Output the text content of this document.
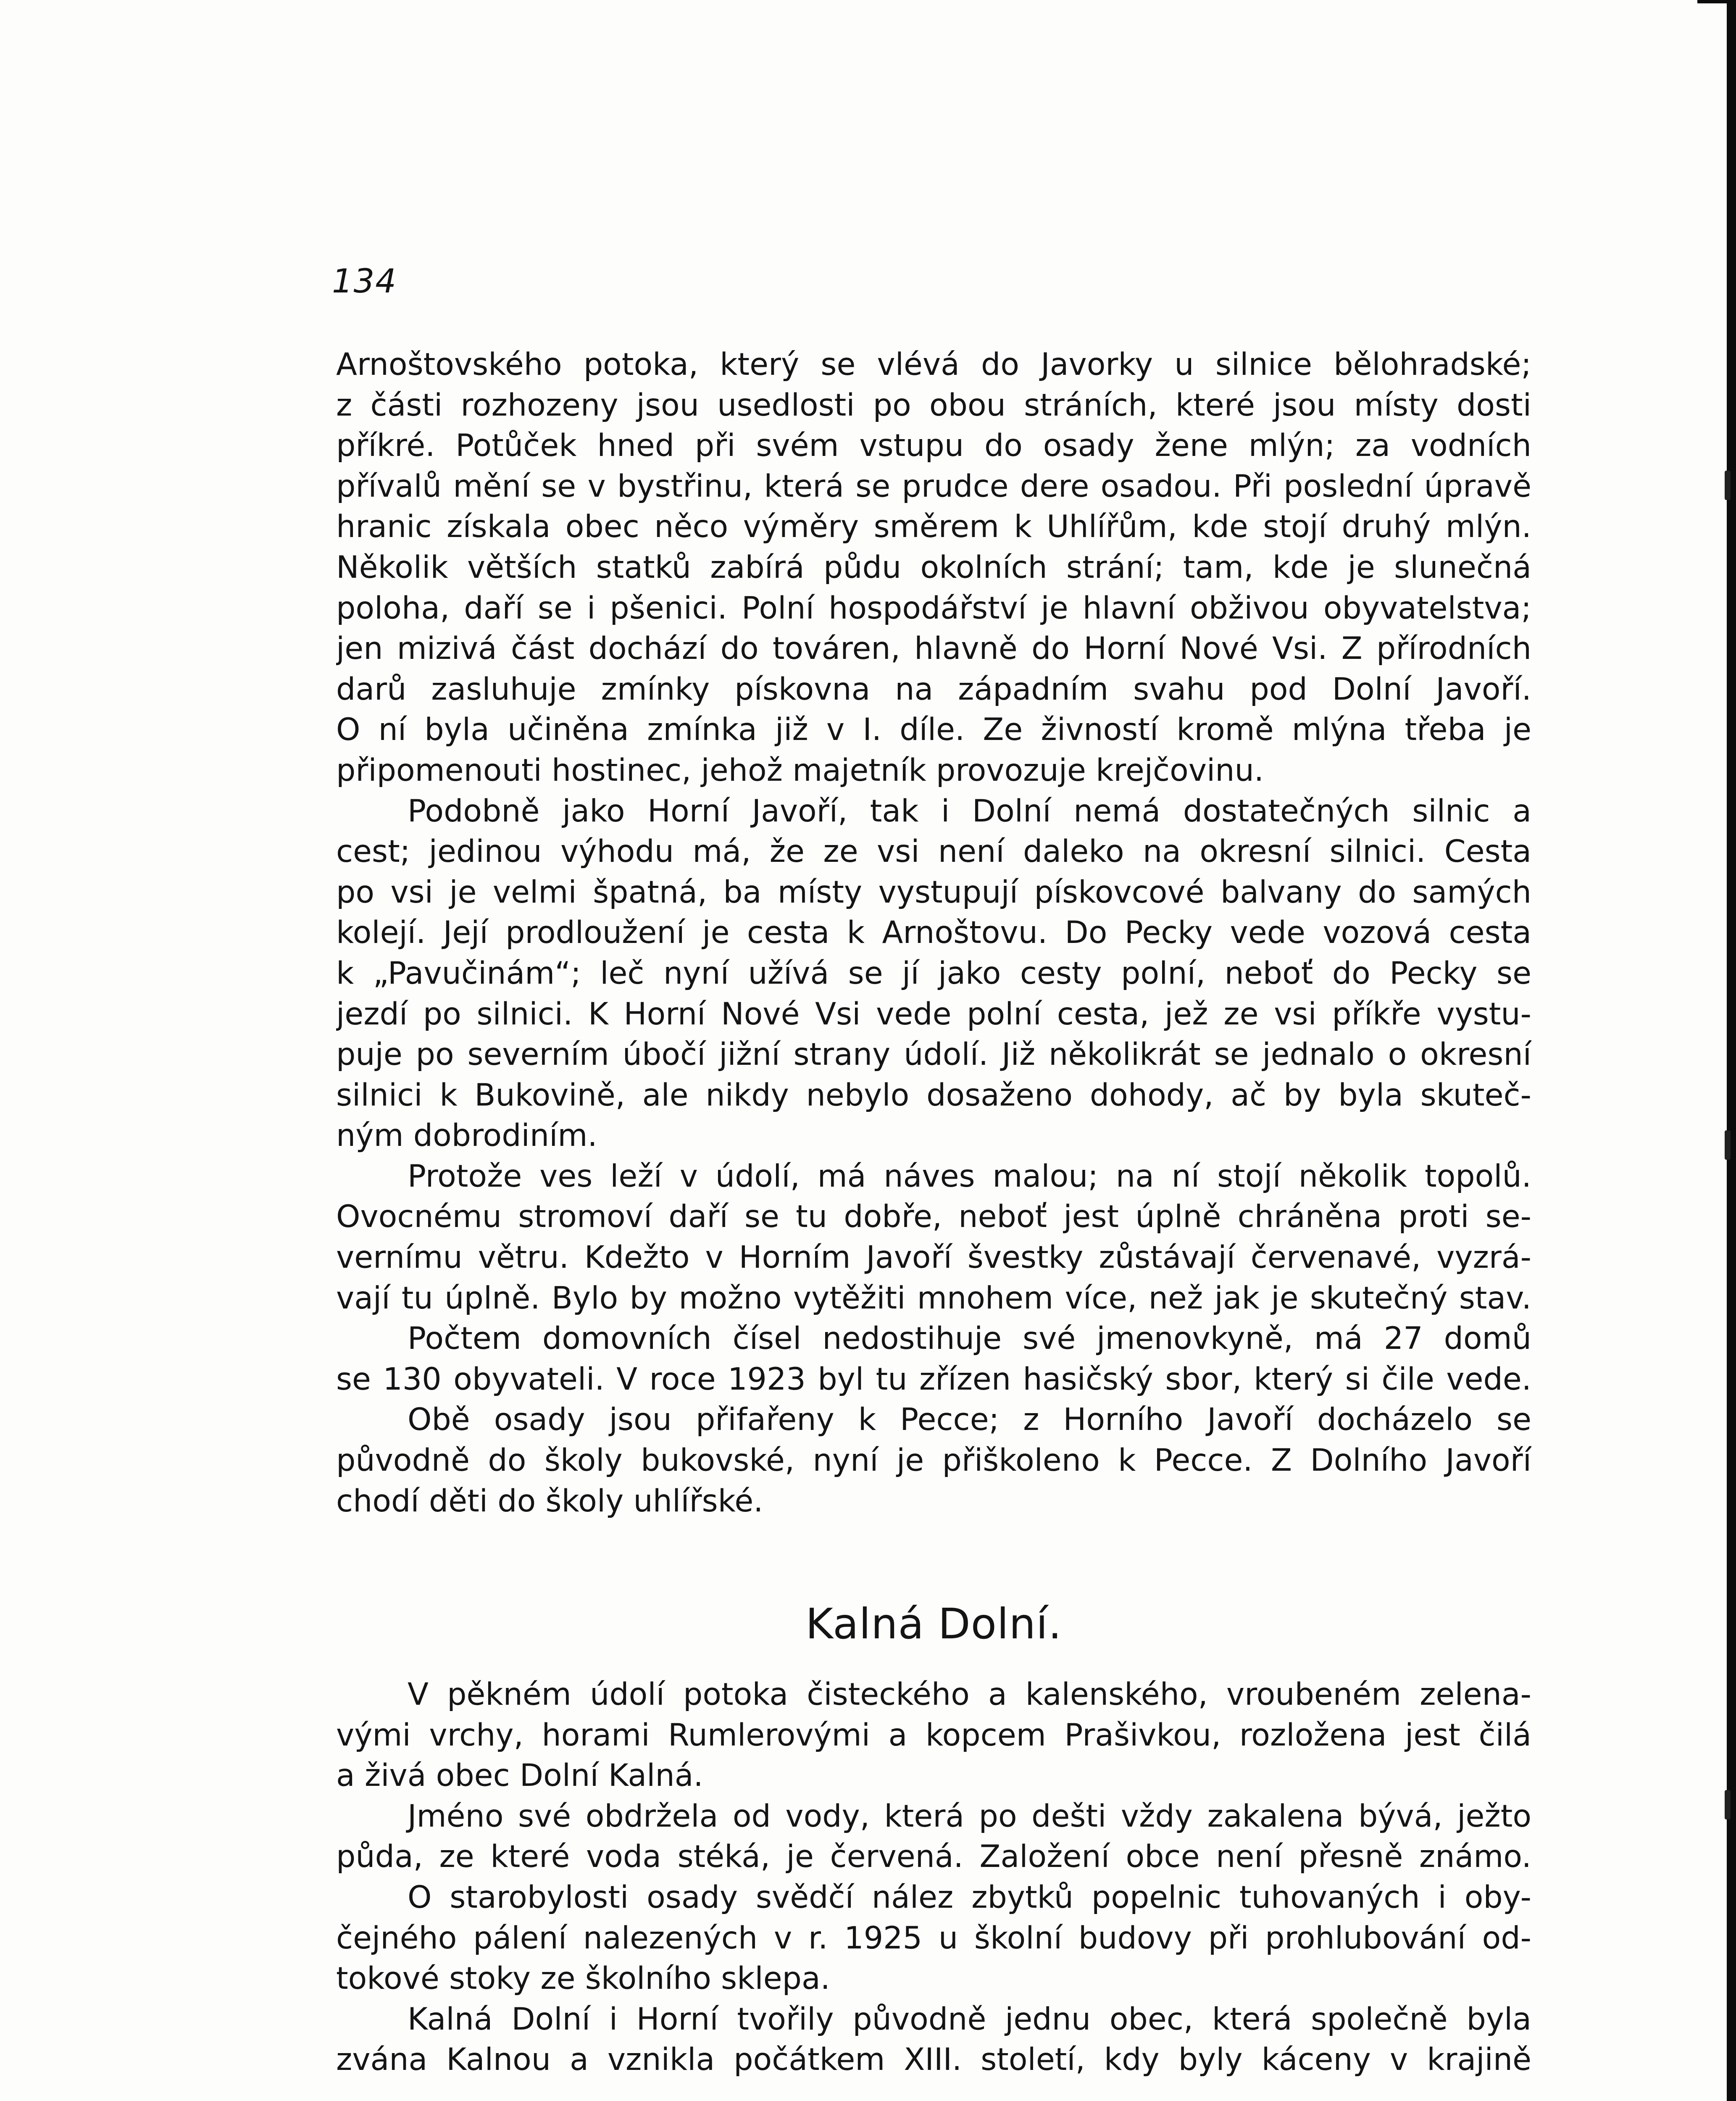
134
Arnoštovského potoka, který se vlévá do Javorky u silnice bělohradské;
z části rozhozeny jsou usedlosti po obou stráních, které jsou místy dosti
příkré. Potůček hned při svém vstupu do osady žene mlýn; za vodních
přívalů mění se v bystřinu, která se prudce dere osadou. Při poslední úpravě
hranic získala obec něco výměry směrem k Uhlířům, kde stojí druhý mlýn.
Několik větších statků zabírá půdu okolních strání; tam, kde je slunečná
poloha, daří se i pšenici. Polní hospodářství je hlavní obživou obyvatelstva;
jen mizivá část dochází do továren, hlavně do Horní Nové Vsi. Z přírodních
darů zasluhuje zmínky pískovna na západním svahu pod Dolní Javoří.
O ní byla učiněna zmínka již v I. díle. Ze živností kromě mlýna třeba je
připomenouti hostinec, jehož majetník provozuje krejčovinu.
Podobně jako Horní Javoří, tak i Dolní nemá dostatečných silnic a
cest; jedinou výhodu má, že ze vsi není daleko na okresní silnici. Cesta
po vsi je velmi špatná, ba místy vystupují pískovcové balvany do samých
kolejí. Její prodloužení je cesta k Arnoštovu. Do Pecky vede vozová cesta
k „Pavučinám“; leč nyní užívá se jí jako cesty polní, neboť do Pecky se
jezdí po silnici. K Horní Nové Vsi vede polní cesta, jež ze vsi příkře vystu-
puje po severním úbočí jižní strany údolí. Již několikrát se jednalo o okresní
silnici k Bukovině, ale nikdy nebylo dosaženo dohody, ač by byla skuteč-
ným dobrodiním.
Protože ves leží v údolí, má náves malou; na ní stojí několik topolů.
Ovocnému stromoví daří se tu dobře, neboť jest úplně chráněna proti se-
vernímu větru. Kdežto v Horním Javoří švestky zůstávají červenavé, vyzrá-
vají tu úplně. Bylo by možno vytěžiti mnohem více, než jak je skutečný stav.
Počtem domovních čísel nedostihuje své jmenovkyně, má 27 domů
se 130 obyvateli. V roce 1923 byl tu zřízen hasičský sbor, který si čile vede.
Obě osady jsou přifařeny k Pecce; z Horního Javoří docházelo se
původně do školy bukovské, nyní je přiškoleno k Pecce. Z Dolního Javoří
chodí děti do školy uhlířské.
Kalná Dolní.
V pěkném údolí potoka čisteckého a kalenského, vroubeném zelena-
vými vrchy, horami Rumlerovými a kopcem Prašivkou, rozložena jest čilá
a živá obec Dolní Kalná.
Jméno své obdržela od vody, která po dešti vždy zakalena bývá, ježto
půda, ze které voda stéká, je červená. Založení obce není přesně známo.
O starobylosti osady svědčí nález zbytků popelnic tuhovaných i oby-
čejného pálení nalezených v r. 1925 u školní budovy při prohlubování od-
tokové stoky ze školního sklepa.
Kalná Dolní i Horní tvořily původně jednu obec, která společně byla
zvána Kalnou a vznikla počátkem XIII. století, kdy byly káceny v krajině
